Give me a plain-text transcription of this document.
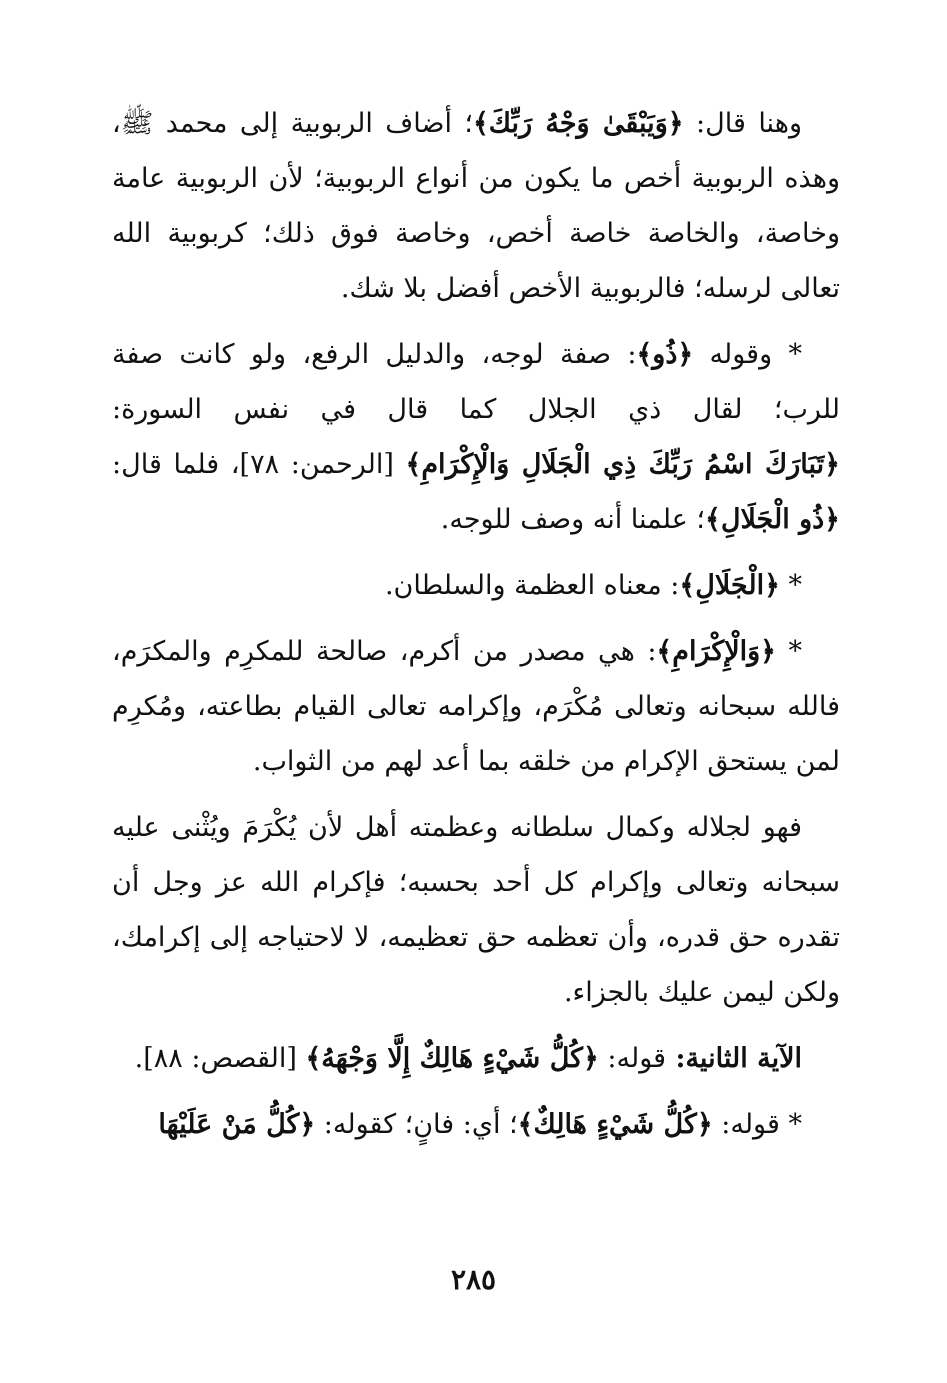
وهنا قال: ﴿وَيَبْقَىٰ وَجْهُ رَبِّكَ﴾؛ أضاف الربوبية إلى محمد ﷺ، وهذه الربوبية أخص ما يكون من أنواع الربوبية؛ لأن الربوبية عامة وخاصة، والخاصة خاصة أخص، وخاصة فوق ذلك؛ كربوبية الله تعالى لرسله؛ فالربوبية الأخص أفضل بلا شك.

* وقوله ﴿ذُو﴾: صفة لوجه، والدليل الرفع، ولو كانت صفة للرب؛ لقال ذي الجلال كما قال في نفس السورة: ﴿تَبَارَكَ اسْمُ رَبِّكَ ذِي الْجَلَالِ وَالْإِكْرَامِ﴾ [الرحمن: ٧٨]، فلما قال: ﴿ذُو الْجَلَالِ﴾؛ علمنا أنه وصف للوجه.

* ﴿الْجَلَالِ﴾: معناه العظمة والسلطان.

* ﴿وَالْإِكْرَامِ﴾: هي مصدر من أكرم، صالحة للمكرِم والمكرَم، فالله سبحانه وتعالى مُكْرَم، وإكرامه تعالى القيام بطاعته، ومُكرِم لمن يستحق الإكرام من خلقه بما أعد لهم من الثواب.

فهو لجلاله وكمال سلطانه وعظمته أهل لأن يُكْرَمَ ويُثْنى عليه سبحانه وتعالى وإكرام كل أحد بحسبه؛ فإكرام الله عز وجل أن تقدره حق قدره، وأن تعظمه حق تعظيمه، لا لاحتياجه إلى إكرامك، ولكن ليمن عليك بالجزاء.

الآية الثانية: قوله: ﴿كُلُّ شَيْءٍ هَالِكٌ إِلَّا وَجْهَهُ﴾ [القصص: ٨٨].

* قوله: ﴿كُلُّ شَيْءٍ هَالِكٌ﴾؛ أي: فانٍ؛ كقوله: ﴿كُلُّ مَنْ عَلَيْهَا

٢٨٥
